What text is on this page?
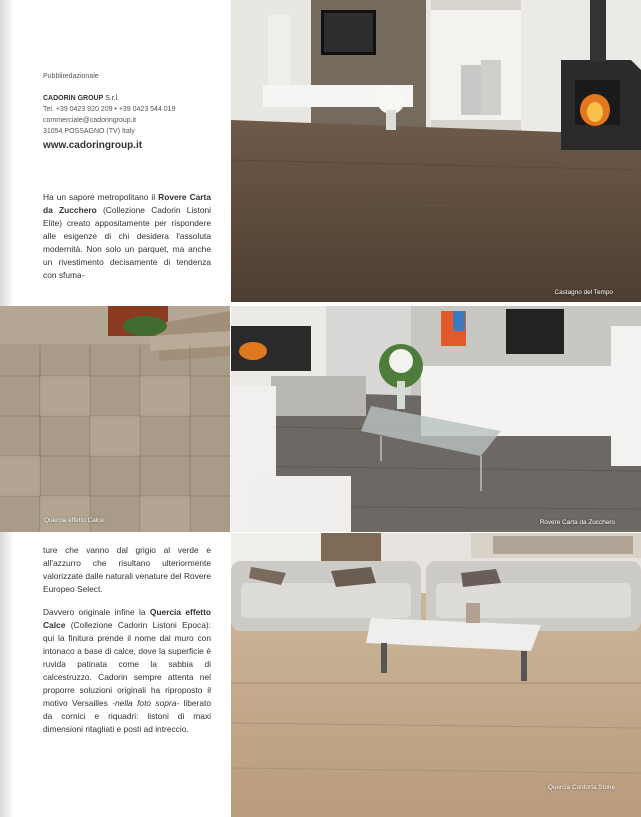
Pubbliredazionale
CADORIN GROUP S.r.l.
Tel. +39 0423 920 209 • +39 0423 544 019
commerciale@cadoringroup.it
31054 POSSAGNO (TV) Italy
www.cadoringroup.it

Ha un sapore metropolitano il Rovere Carta da Zucchero (Collezione Cadorin Listoni Elite) creato appositamente per rispondere alle esigenze di chi desidera l'assoluta modernità. Non solo un parquet, ma anche un rivestimento decisamente di tendenza con sfuma-

ture che vanno dal grigio al verde e all'azzurro che risultano ulteriormente valorizzate dalle naturali venature del Rovere Europeo Select.

Davvero originale infine la Quercia effetto Calce (Collezione Cadorin Listoni Epoca): qui la finitura prende il nome dal muro con intonaco a base di calce, dove la superficie è ruvida patinata come la sabbia di calcestruzzo. Cadorin sempre attenta nel proporre soluzioni originali ha riproposto il motivo Versailles -nella foto sopra- liberato da cornici e riquadri: listoni di maxi dimensioni ritagliati e posti ad intreccio.

Castagno del Tempo
Quercia effetto Calce	Rovere Carta da Zucchero
Quercia Contorta Stone
